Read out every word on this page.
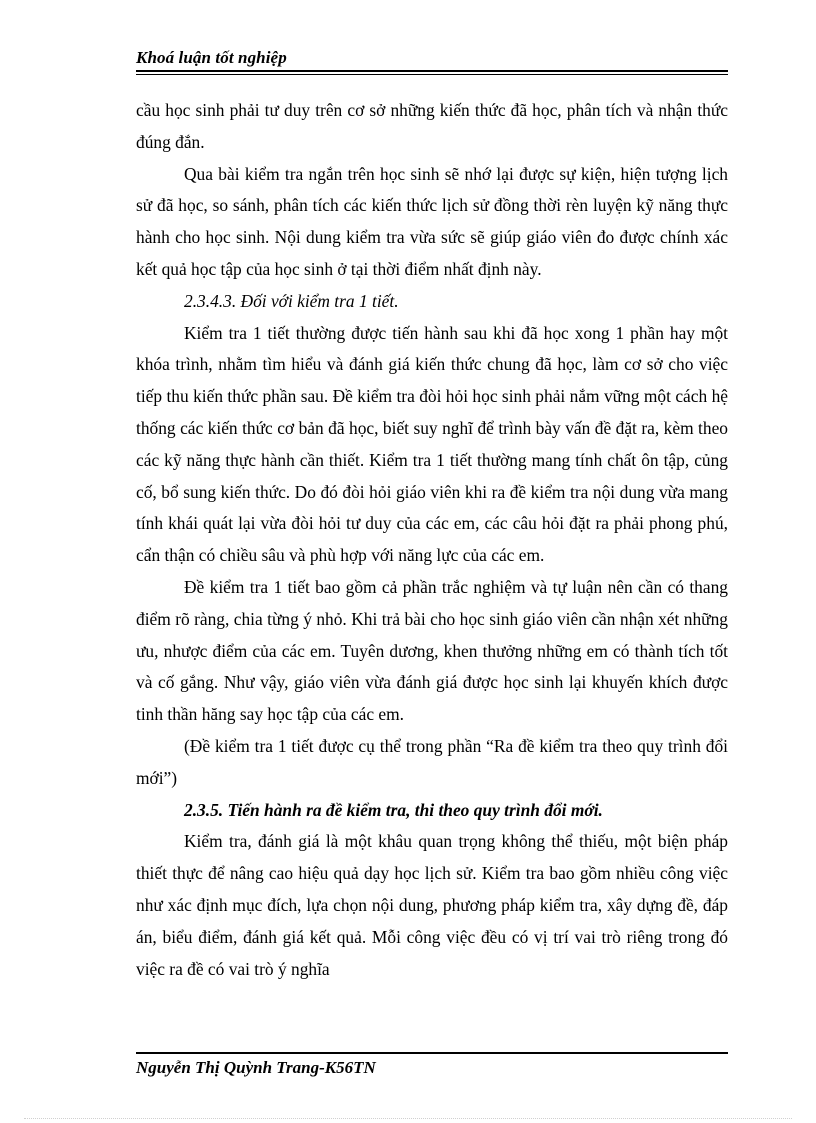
Khoá luận tốt nghiệp

cầu học sinh phải tư duy trên cơ sở những kiến thức đã học, phân tích và nhận thức đúng đắn.

Qua bài kiểm tra ngắn trên học sinh sẽ nhớ lại được sự kiện, hiện tượng lịch sử đã học, so sánh, phân tích các kiến thức lịch sử đồng thời rèn luyện kỹ năng thực hành cho học sinh. Nội dung kiểm tra vừa sức sẽ giúp giáo viên đo được chính xác kết quả học tập của học sinh ở tại thời điểm nhất định này.

2.3.4.3. Đối với kiểm tra 1 tiết.

Kiểm tra 1 tiết thường được tiến hành sau khi đã học xong 1 phần hay một khóa trình, nhằm tìm hiểu và đánh giá kiến thức chung đã học, làm cơ sở cho việc tiếp thu kiến thức phần sau. Đề kiểm tra đòi hỏi học sinh phải nắm vững một cách hệ thống các kiến thức cơ bản đã học, biết suy nghĩ để trình bày vấn đề đặt ra, kèm theo các kỹ năng thực hành cần thiết. Kiểm tra 1 tiết thường mang tính chất ôn tập, củng cố, bổ sung kiến thức. Do đó đòi hỏi giáo viên khi ra đề kiểm tra nội dung vừa mang tính khái quát lại vừa đòi hỏi tư duy của các em, các câu hỏi đặt ra phải phong phú, cẩn thận có chiều sâu và phù hợp với năng lực của các em.

Đề kiểm tra 1 tiết bao gồm cả phần trắc nghiệm và tự luận nên cần có thang điểm rõ ràng, chia từng ý nhỏ. Khi trả bài cho học sinh giáo viên cần nhận xét những ưu, nhược điểm của các em. Tuyên dương, khen thưởng những em có thành tích tốt và cố gắng. Như vậy, giáo viên vừa đánh giá được học sinh lại khuyến khích được tinh thần hăng say học tập của các em.

(Đề kiểm tra 1 tiết được cụ thể trong phần “Ra đề kiểm tra theo quy trình đổi mới”)

2.3.5. Tiến hành ra đề kiểm tra, thi theo quy trình đổi mới.

Kiểm tra, đánh giá là một khâu quan trọng không thể thiếu, một biện pháp thiết thực để nâng cao hiệu quả dạy học lịch sử. Kiểm tra bao gồm nhiều công việc như xác định mục đích, lựa chọn nội dung, phương pháp kiểm tra, xây dựng đề, đáp án, biểu điểm, đánh giá kết quả. Mỗi công việc đều có vị trí vai trò riêng trong đó việc ra đề có vai trò ý nghĩa

Nguyễn Thị Quỳnh Trang-K56TN
